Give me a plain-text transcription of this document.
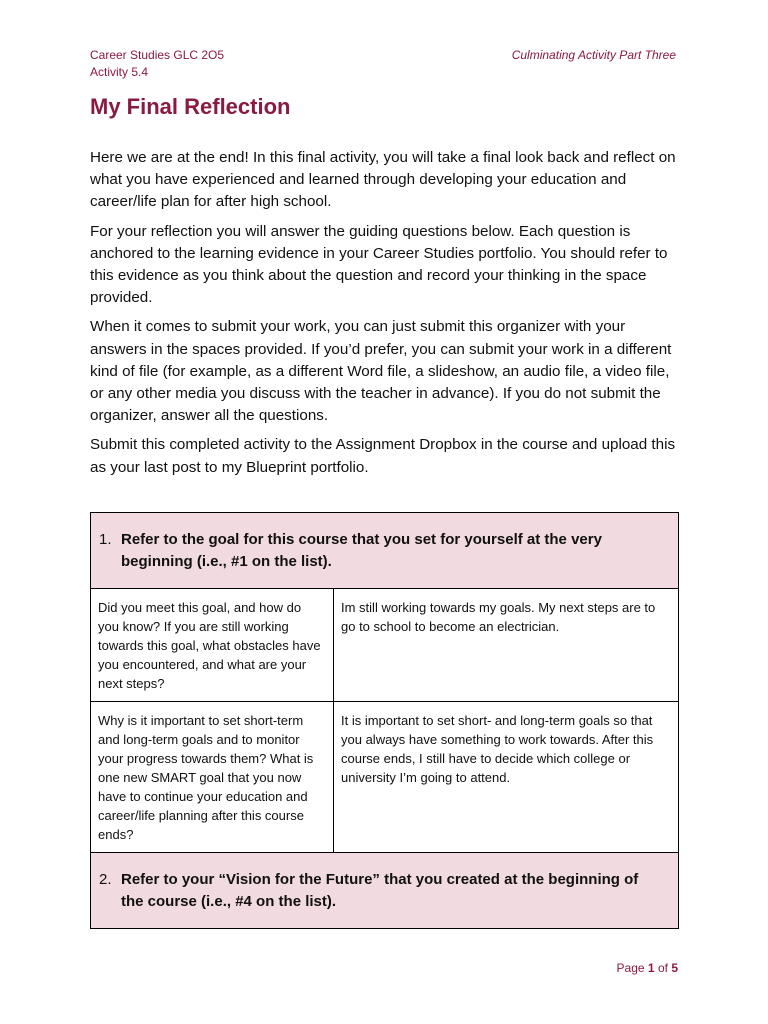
Career Studies GLC 2O5
Activity 5.4
Culminating Activity Part Three
My Final Reflection

Here we are at the end! In this final activity, you will take a final look back and reflect on what you have experienced and learned through developing your education and career/life plan for after high school.

For your reflection you will answer the guiding questions below. Each question is anchored to the learning evidence in your Career Studies portfolio. You should refer to this evidence as you think about the question and record your thinking in the space provided.

When it comes to submit your work, you can just submit this organizer with your answers in the spaces provided. If you’d prefer, you can submit your work in a different kind of file (for example, as a different Word file, a slideshow, an audio file, a video file, or any other media you discuss with the teacher in advance). If you do not submit the organizer, answer all the questions.

Submit this completed activity to the Assignment Dropbox in the course and upload this as your last post to my Blueprint portfolio.

1. Refer to the goal for this course that you set for yourself at the very beginning (i.e., #1 on the list).	

Did you meet this goal, and how do you know? If you are still working towards this goal, what obstacles have you encountered, and what are your next steps?	Im still working towards my goals. My next steps are to go to school to become an electrician.
Why is it important to set short-term and long-term goals and to monitor your progress towards them? What is one new SMART goal that you now have to continue your education and career/life planning after this course ends?	It is important to set short- and long-term goals so that you always have something to work towards. After this course ends, I still have to decide which college or university I’m going to attend.

2. Refer to your “Vision for the Future” that you created at the beginning of the course (i.e., #4 on the list).	
Page 1 of 5
